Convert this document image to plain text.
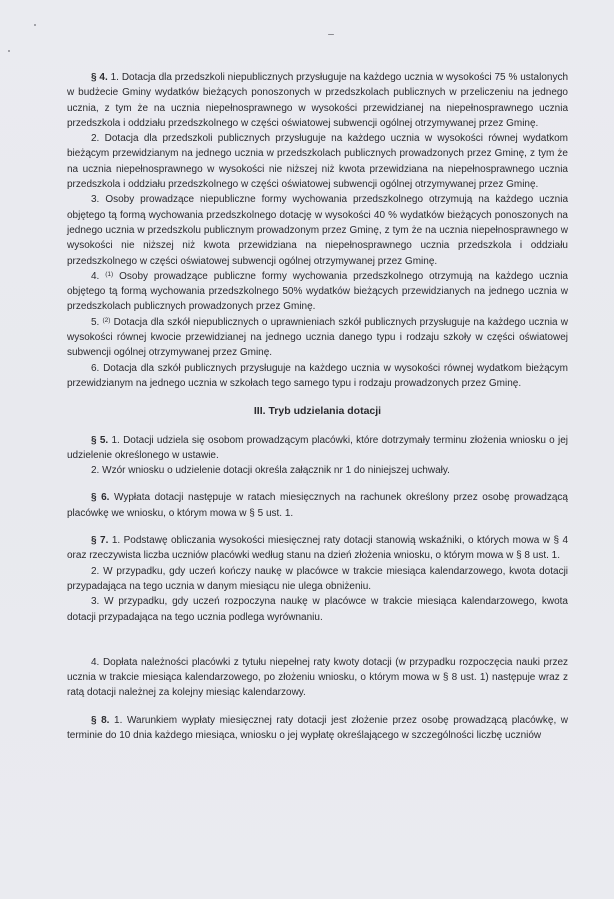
§ 4. 1. Dotacja dla przedszkoli niepublicznych przysługuje na każdego ucznia w wysokości 75 % ustalonych w budżecie Gminy wydatków bieżących ponoszonych w przedszkolach publicznych w przeliczeniu na jednego ucznia, z tym że na ucznia niepełnosprawnego w wysokości przewidzianej na niepełnosprawnego ucznia przedszkola i oddziału przedszkolnego w części oświatowej subwencji ogólnej otrzymywanej przez Gminę.

2. Dotacja dla przedszkoli publicznych przysługuje na każdego ucznia w wysokości równej wydatkom bieżącym przewidzianym na jednego ucznia w przedszkolach publicznych prowadzonych przez Gminę, z tym że na ucznia niepełnosprawnego w wysokości nie niższej niż kwota przewidziana na niepełnosprawnego ucznia przedszkola i oddziału przedszkolnego w części oświatowej subwencji ogólnej otrzymywanej przez Gminę.

3. Osoby prowadzące niepubliczne formy wychowania przedszkolnego otrzymują na każdego ucznia objętego tą formą wychowania przedszkolnego dotację w wysokości 40 % wydatków bieżących ponoszonych na jednego ucznia w przedszkolu publicznym prowadzonym przez Gminę, z tym że na ucznia niepełnosprawnego w wysokości nie niższej niż kwota przewidziana na niepełnosprawnego ucznia przedszkola i oddziału przedszkolnego w części oświatowej subwencji ogólnej otrzymywanej przez Gminę.

4. $^{(1)}$ Osoby prowadzące publiczne formy wychowania przedszkolnego otrzymują na każdego ucznia objętego tą formą wychowania przedszkolnego 50% wydatków bieżących przewidzianych na jednego ucznia w przedszkolach publicznych prowadzonych przez Gminę.

5. $^{(2)}$ Dotacja dla szkół niepublicznych o uprawnieniach szkół publicznych przysługuje na każdego ucznia w wysokości równej kwocie przewidzianej na jednego ucznia danego typu i rodzaju szkoły w części oświatowej subwencji ogólnej otrzymywanej przez Gminę.

6. Dotacja dla szkół publicznych przysługuje na każdego ucznia w wysokości równej wydatkom bieżącym przewidzianym na jednego ucznia w szkołach tego samego typu i rodzaju prowadzonych przez Gminę.

III. Tryb udzielania dotacji

§ 5. 1. Dotacji udziela się osobom prowadzącym placówki, które dotrzymały terminu złożenia wniosku o jej udzielenie określonego w ustawie.

2. Wzór wniosku o udzielenie dotacji określa załącznik nr 1 do niniejszej uchwały.

§ 6. Wypłata dotacji następuje w ratach miesięcznych na rachunek określony przez osobę prowadzącą placówkę we wniosku, o którym mowa w § 5 ust. 1.

§ 7. 1. Podstawę obliczania wysokości miesięcznej raty dotacji stanowią wskaźniki, o których mowa w § 4 oraz rzeczywista liczba uczniów placówki według stanu na dzień złożenia wniosku, o którym mowa w § 8 ust. 1.

2. W przypadku, gdy uczeń kończy naukę w placówce w trakcie miesiąca kalendarzowego, kwota dotacji przypadająca na tego ucznia w danym miesiącu nie ulega obniżeniu.

3. W przypadku, gdy uczeń rozpoczyna naukę w placówce w trakcie miesiąca kalendarzowego, kwota dotacji przypadająca na tego ucznia podlega wyrównaniu.

4. Dopłata należności placówki z tytułu niepełnej raty kwoty dotacji (w przypadku rozpoczęcia nauki przez ucznia w trakcie miesiąca kalendarzowego, po złożeniu wniosku, o którym mowa w § 8 ust. 1) następuje wraz z ratą dotacji należnej za kolejny miesiąc kalendarzowy.

§ 8. 1. Warunkiem wypłaty miesięcznej raty dotacji jest złożenie przez osobę prowadzącą placówkę, w terminie do 10 dnia każdego miesiąca, wniosku o jej wypłatę określającego w szczególności liczbę uczniów
